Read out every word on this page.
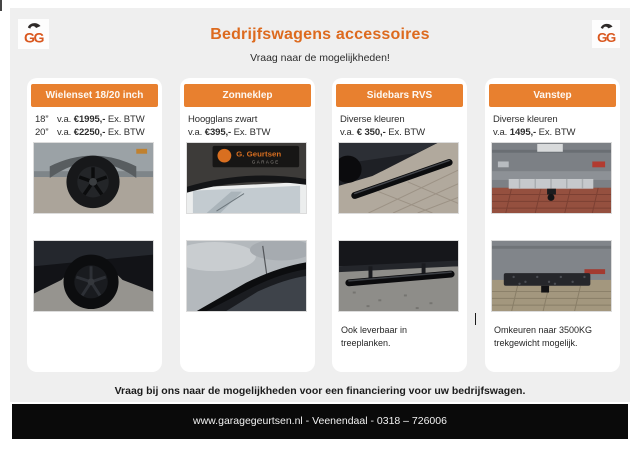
GG	GG
Bedrijfswagens accessoires

Vraag naar de mogelijkheden!

Wielenset 18/20 inch
18” v.a. €1995,- Ex. BTW
20” v.a. €2250,- Ex. BTW
Zonneklep
Hoogglans zwart
v.a. €395,- Ex. BTW
G. Geurtsen
GARAGE
Sidebars RVS
Diverse kleuren
v.a. € 350,- Ex. BTW

Ook leverbaar in treeplanken.

Vanstep
Diverse kleuren
v.a. 1495,- Ex. BTW

Omkeuren naar 3500KG trekgewicht mogelijk.

Vraag bij ons naar de mogelijkheden voor een financiering voor uw bedrijfswagen.

www.garagegeurtsen.nl - Veenendaal - 0318 – 726006
